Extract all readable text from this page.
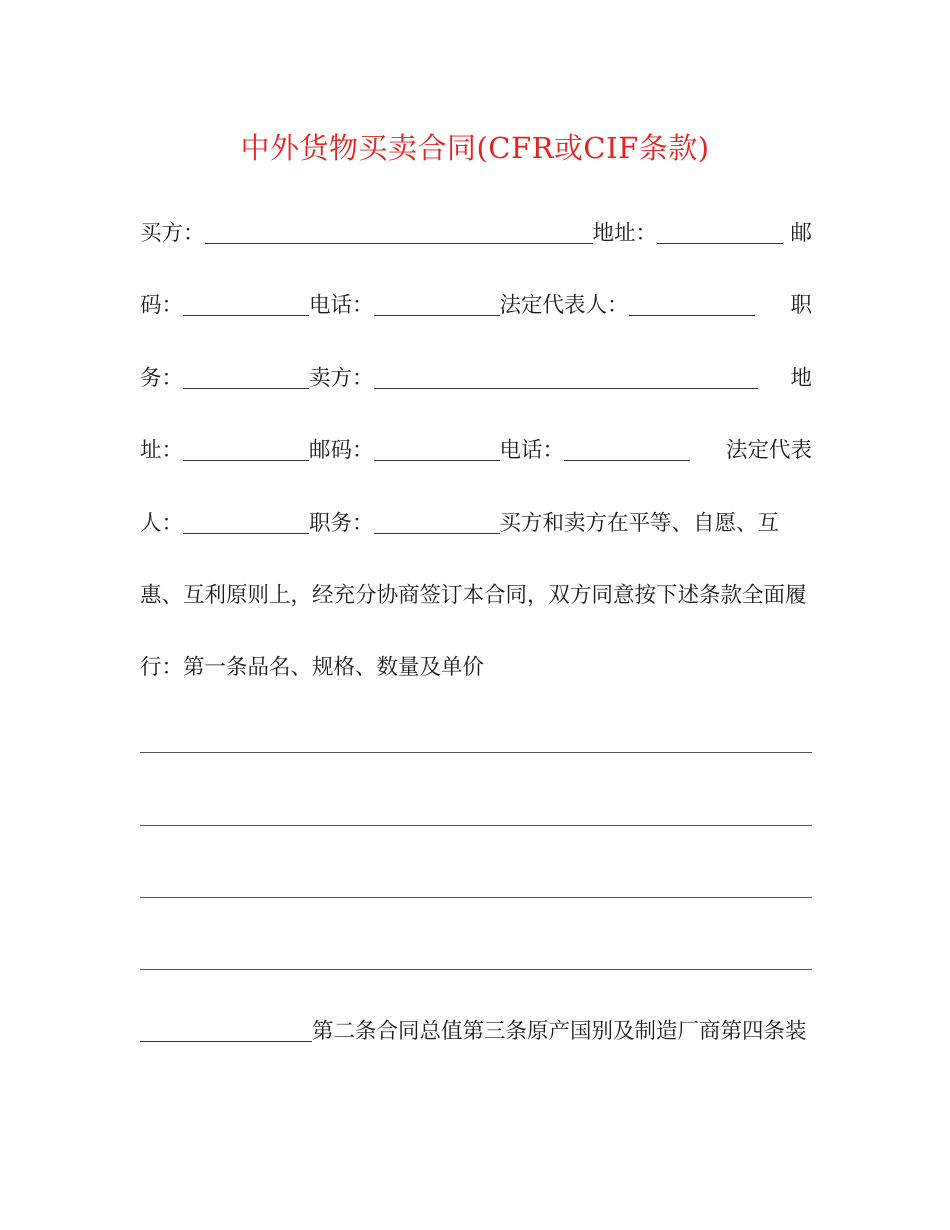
中外货物买卖合同(CFR或CIF条款)
买方：	地址：	邮
码：	电话：	法定代表人：	职
务：	卖方：	地
址：	邮码：	电话：	法定代表
人：	职务：	买方和卖方在平等、自愿、互
惠、互利原则上，经充分协商签订本合同，双方同意按下述条款全面履
行：第一条品名、规格、数量及单价
第二条合同总值第三条原产国别及制造厂商第四条装
